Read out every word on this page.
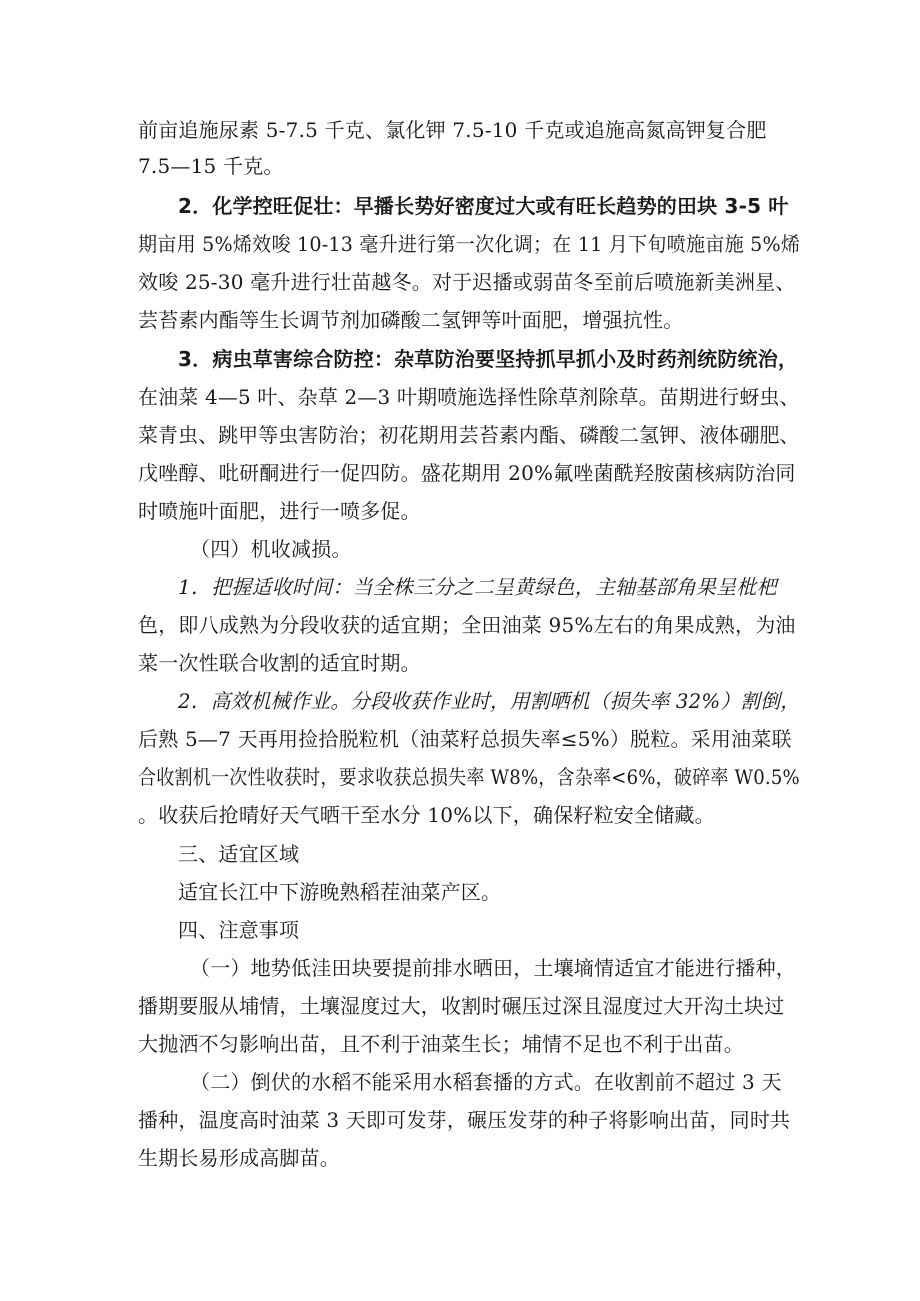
前亩追施尿素 5-7.5 千克、氯化钾 7.5-10 千克或追施高氮高钾复合肥
7.5—15 千克。
2．化学控旺促壮：早播长势好密度过大或有旺长趋势的田块 3-5 叶
期亩用 5%烯效唆 10-13 毫升进行第一次化调；在 11 月下旬喷施亩施 5%烯
效唆 25-30 毫升进行壮苗越冬。对于迟播或弱苗冬至前后喷施新美洲星、
芸苔素内酯等生长调节剂加磷酸二氢钾等叶面肥，增强抗性。
3．病虫草害综合防控：杂草防治要坚持抓早抓小及时药剂统防统治，
在油菜 4—5 叶、杂草 2—3 叶期喷施选择性除草剂除草。苗期进行蚜虫、
菜青虫、跳甲等虫害防治；初花期用芸苔素内酯、磷酸二氢钾、液体硼肥、
戊唑醇、吡研酮进行一促四防。盛花期用 20%氟唑菌酰羟胺菌核病防治同
时喷施叶面肥，进行一喷多促。
（四）机收减损。
1．把握适收时间：当全株三分之二呈黄绿色，主轴基部角果呈枇杷
色，即八成熟为分段收获的适宜期；全田油菜 95%左右的角果成熟，为油
菜一次性联合收割的适宜时期。
2．高效机械作业。分段收获作业时，用割晒机（损失率 32%）割倒，
后熟 5—7 天再用捡拾脱粒机（油菜籽总损失率≤5%）脱粒。采用油菜联
合收割机一次性收获时，要求收获总损失率 W8%，含杂率<6%，破碎率 W0.5%
。收获后抢晴好天气晒干至水分 10%以下，确保籽粒安全储藏。
三、适宜区域
适宜长江中下游晚熟稻茬油菜产区。
四、注意事项
（一）地势低洼田块要提前排水晒田，土壤墒情适宜才能进行播种，
播期要服从埔情，土壤湿度过大，收割时碾压过深且湿度过大开沟土块过
大抛洒不匀影响出苗，且不利于油菜生长；埔情不足也不利于出苗。
（二）倒伏的水稻不能采用水稻套播的方式。在收割前不超过 3 天
播种，温度高时油菜 3 天即可发芽，碾压发芽的种子将影响出苗，同时共
生期长易形成高脚苗。
